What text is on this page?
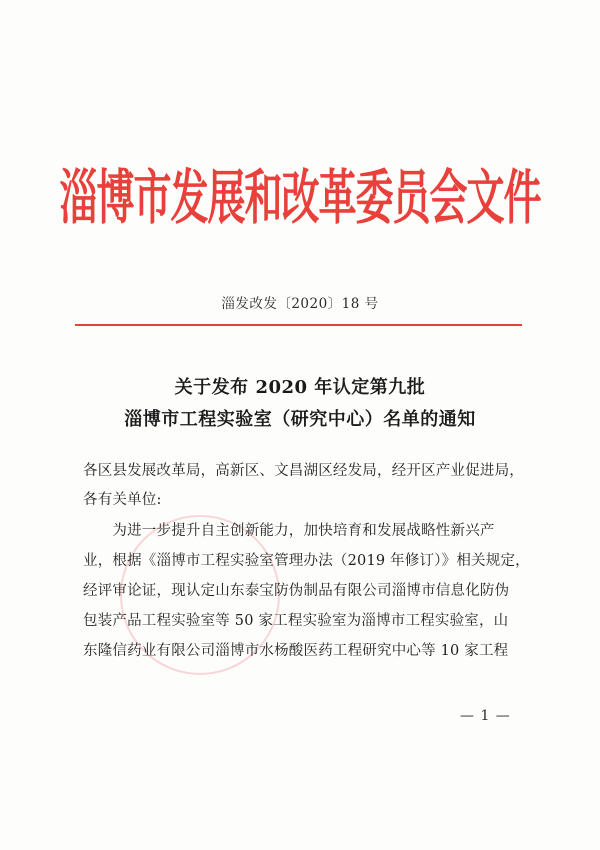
淄博市发展和改革委员会文件
淄发改发〔2020〕18 号
关于发布 2020 年认定第九批
淄博市工程实验室（研究中心）名单的通知
各区县发展改革局，高新区、文昌湖区经发局，经开区产业促进局，
各有关单位:
　　为进一步提升自主创新能力，加快培育和发展战略性新兴产
业，根据《淄博市工程实验室管理办法（2019 年修订）》相关规定，
经评审论证，现认定山东泰宝防伪制品有限公司淄博市信息化防伪
包装产品工程实验室等 50 家工程实验室为淄博市工程实验室，山
东隆信药业有限公司淄博市水杨酸医药工程研究中心等 10 家工程
— 1 —
